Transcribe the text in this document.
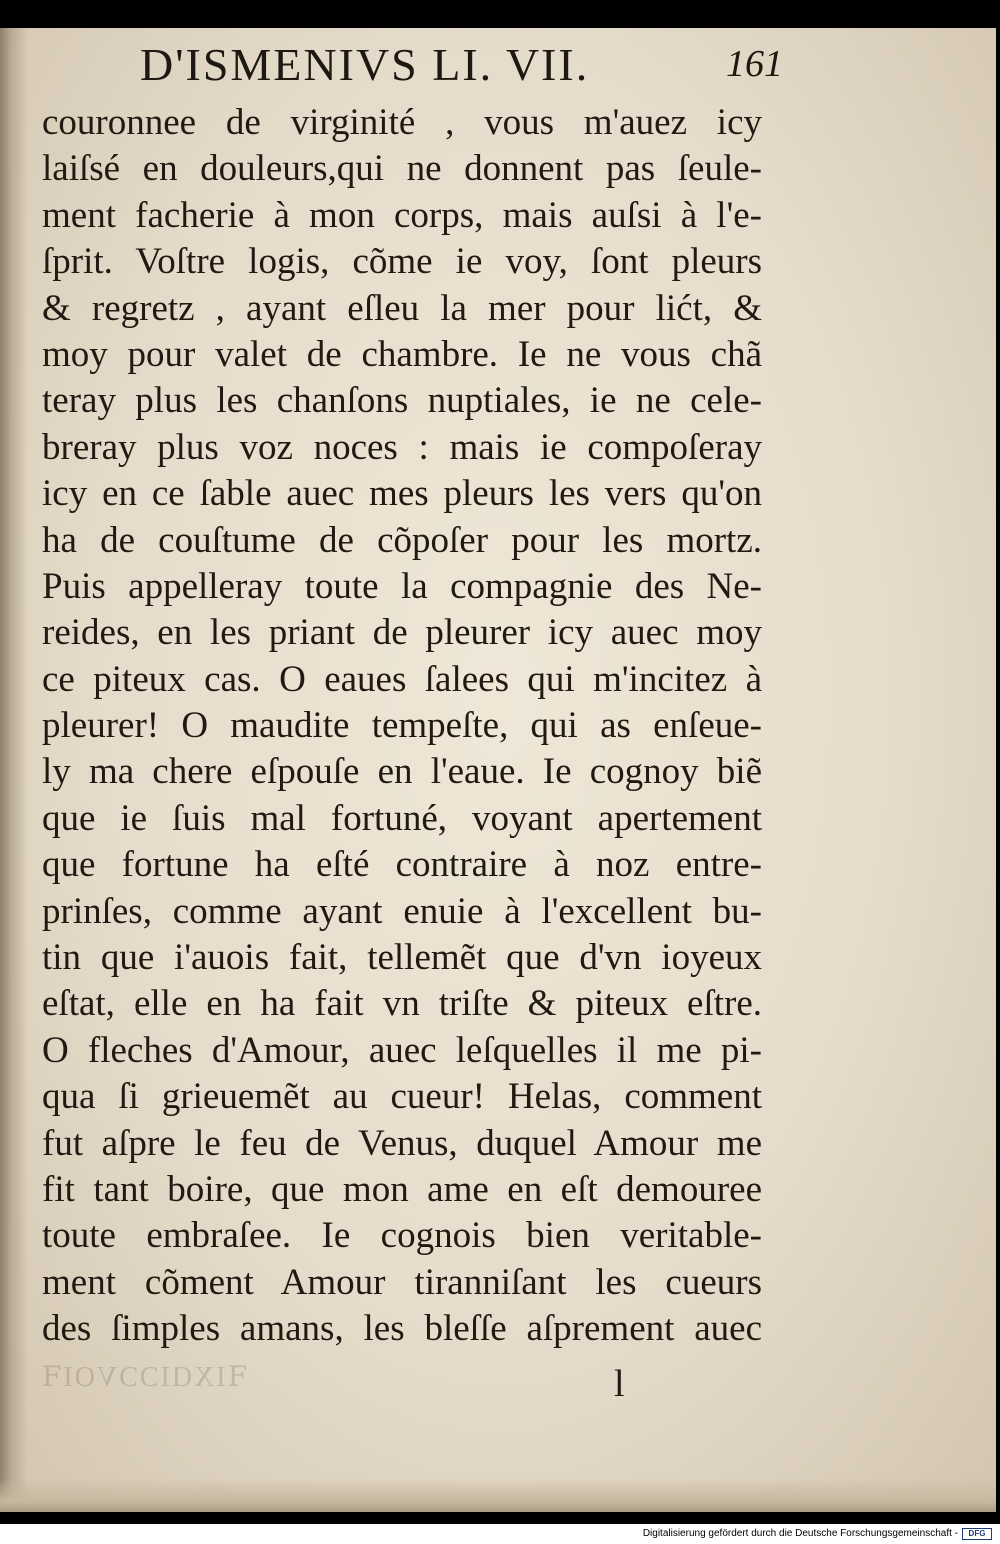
D'ISMENIVS LI. VII.	161
couronnee de virginité , vous m'auez icy
laiſsé en douleurs,qui ne donnent pas ſeule-
ment facherie à mon corps, mais auſsi à l'e-
ſprit. Voſtre logis, cõme ie voy, ſont pleurs
& regretz , ayant eſleu la mer pour lićt, &
moy pour valet de chambre. Ie ne vous chã
teray plus les chanſons nuptiales, ie ne cele-
breray plus voz noces : mais ie compoſeray
icy en ce ſable auec mes pleurs les vers qu'on
ha de couſtume de cõpoſer pour les mortz.
Puis appelleray toute la compagnie des Ne-
reides, en les priant de pleurer icy auec moy
ce piteux cas. O eaues ſalees qui m'incitez à
pleurer! O maudite tempeſte, qui as enſeue-
ly ma chere eſpouſe en l'eaue. Ie cognoy biẽ
que ie ſuis mal fortuné, voyant apertement
que fortune ha eſté contraire à noz entre-
prinſes, comme ayant enuie à l'excellent bu-
tin que i'auois fait, tellemẽt que d'vn ioyeux
eſtat, elle en ha fait vn triſte & piteux eſtre.
O fleches d'Amour, auec leſquelles il me pi-
qua ſi grieuemẽt au cueur! Helas, comment
fut aſpre le feu de Venus, duquel Amour me
fit tant boire, que mon ame en eſt demouree
toute embraſee. Ie cognois bien veritable-
ment cõment Amour tiranniſant les cueurs
des ſimples amans, les bleſſe aſprement auec
ꟻIXⱭIƆƆVOIꟻ	l
Digitalisierung gefördert durch die Deutsche Forschungsgemeinschaft -	DFG
